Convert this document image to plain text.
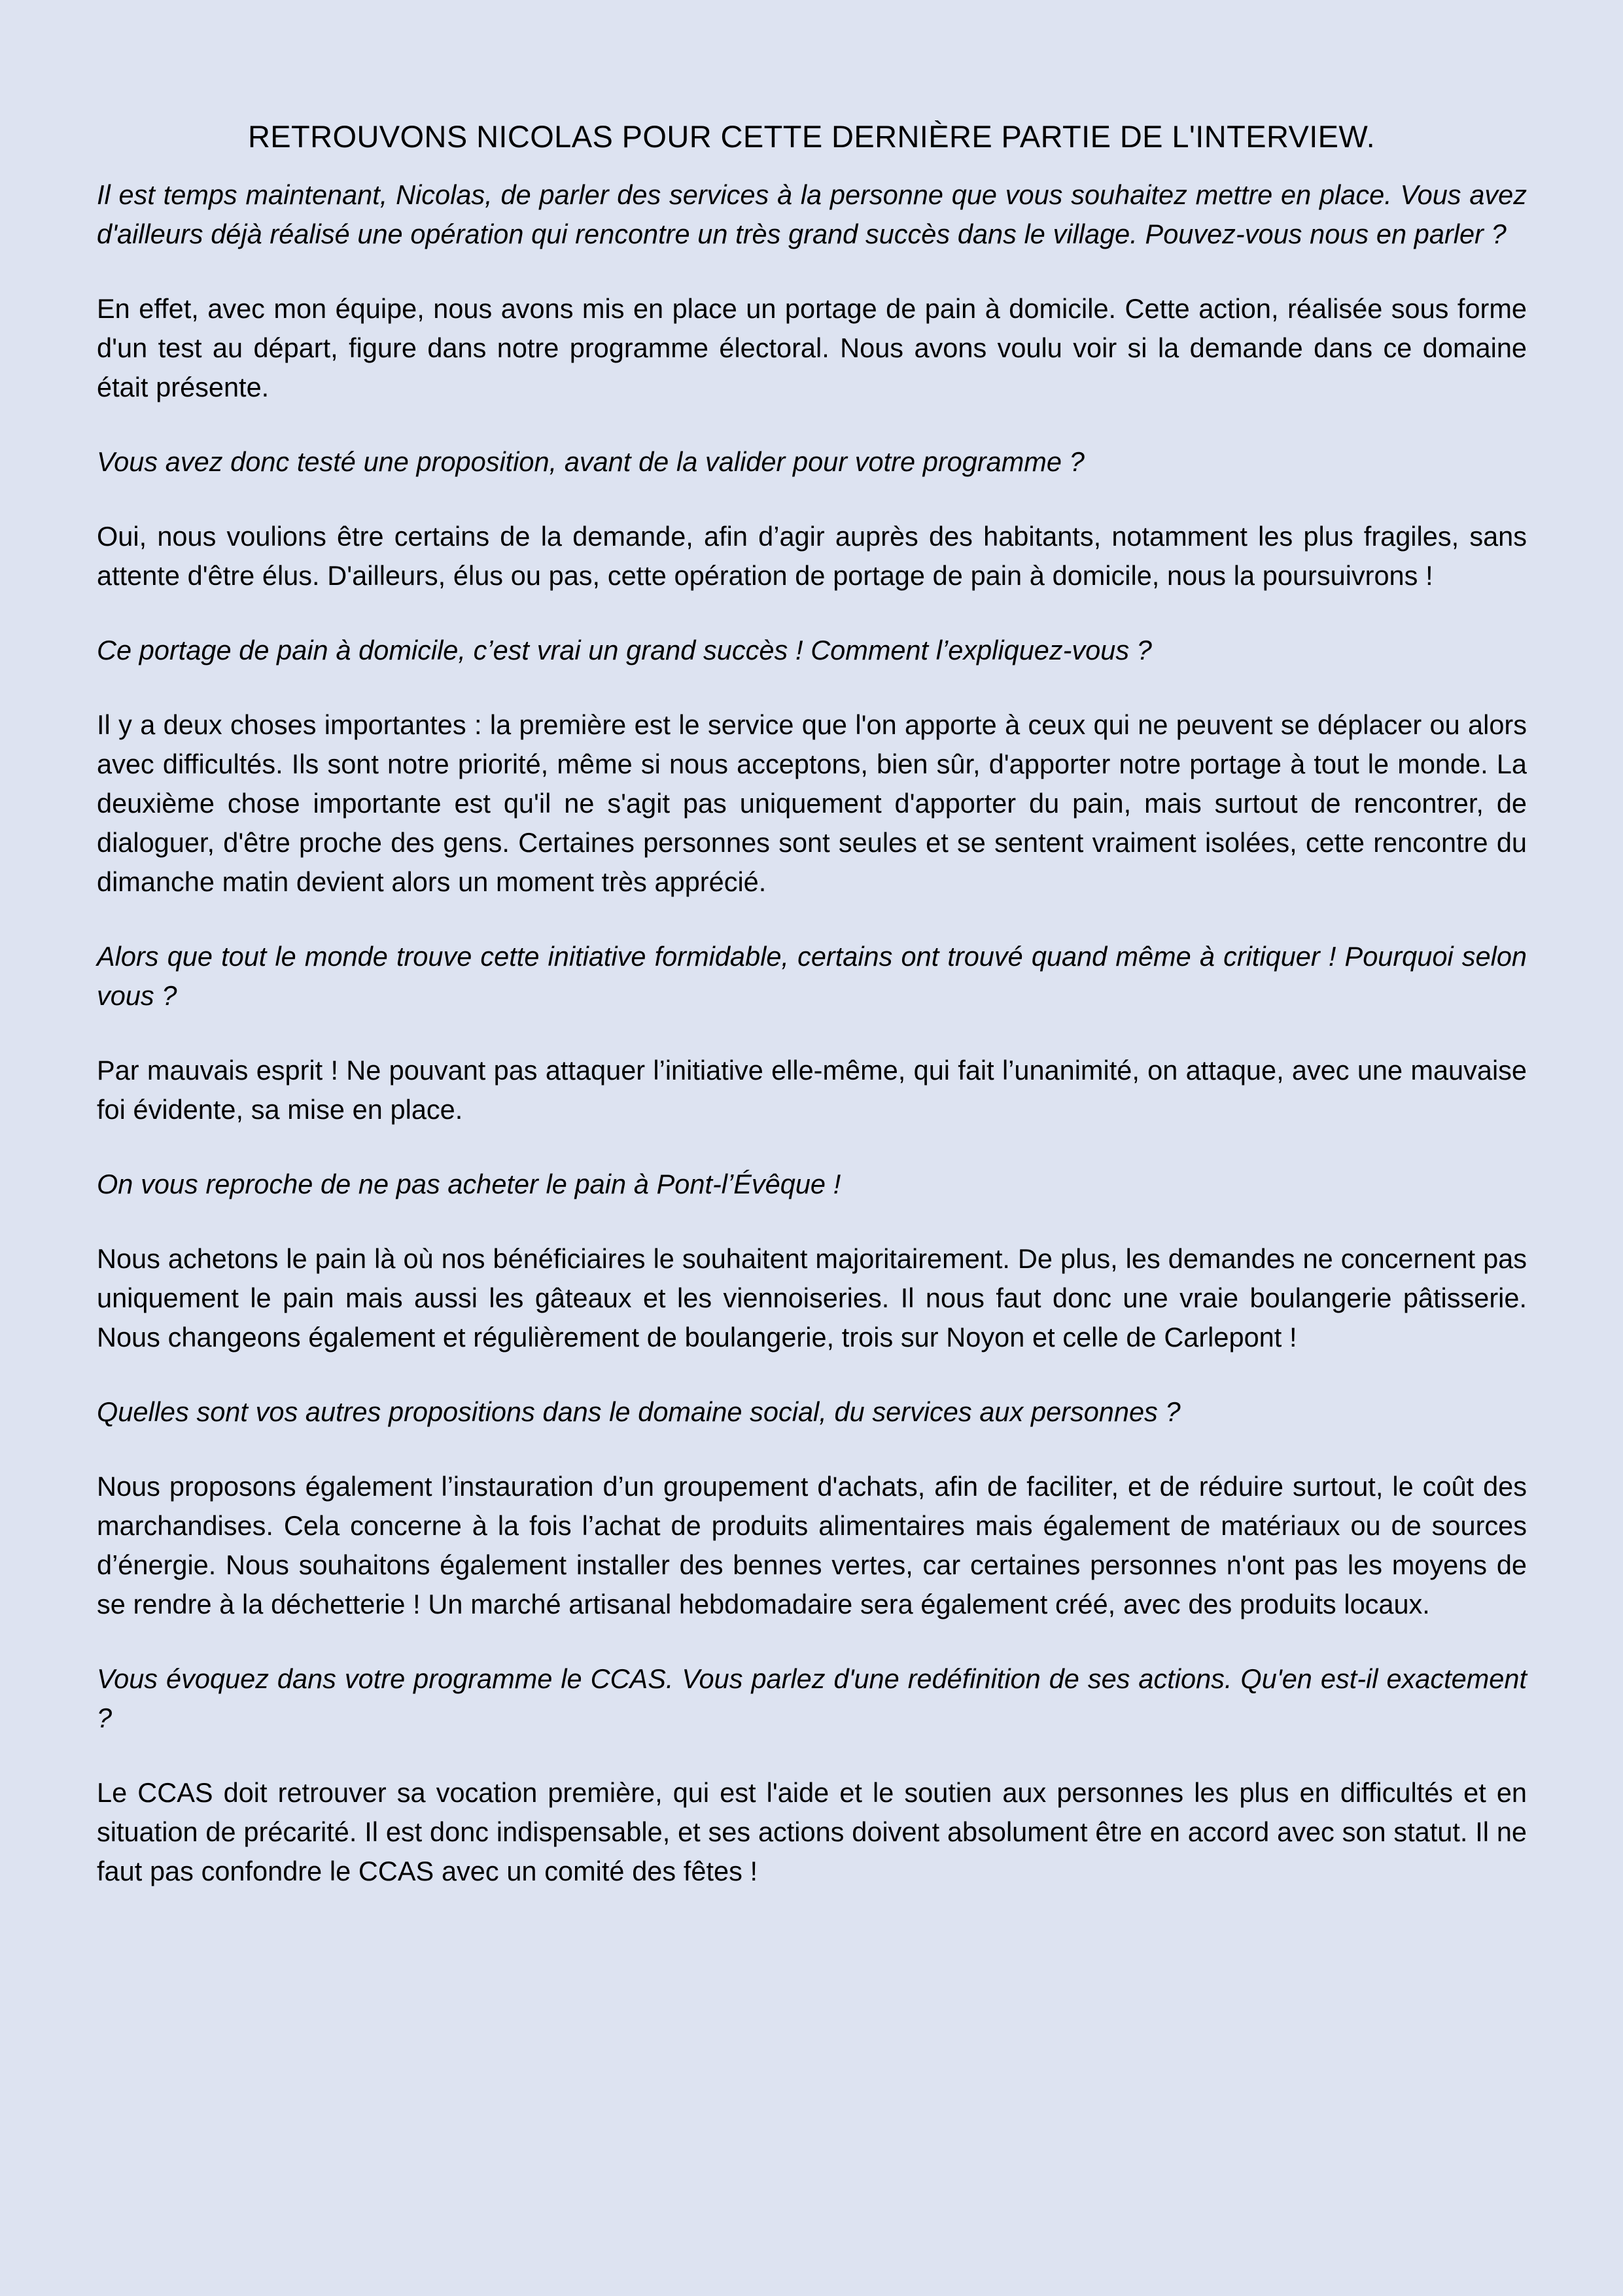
RETROUVONS NICOLAS POUR CETTE DERNIÈRE PARTIE DE L'INTERVIEW.

Il est temps maintenant, Nicolas, de parler des services à la personne que vous souhaitez mettre en place. Vous avez d'ailleurs déjà réalisé une opération qui rencontre un très grand succès dans le village. Pouvez-vous nous en parler ?

En effet, avec mon équipe, nous avons mis en place un portage de pain à domicile. Cette action, réalisée sous forme d'un test au départ, figure dans notre programme électoral. Nous avons voulu voir si la demande dans ce domaine était présente.

Vous avez donc testé une proposition, avant de la valider pour votre programme ?

Oui, nous voulions être certains de la demande, afin d’agir auprès des habitants, notamment les plus fragiles, sans attente d'être élus. D'ailleurs, élus ou pas, cette opération de portage de pain à domicile, nous la poursuivrons !

Ce portage de pain à domicile, c’est vrai un grand succès ! Comment l’expliquez-vous ?

Il y a deux choses importantes : la première est le service que l'on apporte à ceux qui ne peuvent se déplacer ou alors avec difficultés. Ils sont notre priorité, même si nous acceptons, bien sûr, d'apporter notre portage à tout le monde. La deuxième chose importante est qu'il ne s'agit pas uniquement d'apporter du pain, mais surtout de rencontrer, de dialoguer, d'être proche des gens. Certaines personnes sont seules et se sentent vraiment isolées, cette rencontre du dimanche matin devient alors un moment très apprécié.

Alors que tout le monde trouve cette initiative formidable, certains ont trouvé quand même à critiquer ! Pourquoi selon vous ?

Par mauvais esprit ! Ne pouvant pas attaquer l’initiative elle-même, qui fait l’unanimité, on attaque, avec une mauvaise foi évidente, sa mise en place.

On vous reproche de ne pas acheter le pain à Pont-l’Évêque !

Nous achetons le pain là où nos bénéficiaires le souhaitent majoritairement. De plus, les demandes ne concernent pas uniquement le pain mais aussi les gâteaux et les viennoiseries. Il nous faut donc une vraie boulangerie pâtisserie. Nous changeons également et régulièrement de boulangerie, trois sur Noyon et celle de Carlepont !

Quelles sont vos autres propositions dans le domaine social, du services aux personnes ?

Nous proposons également l’instauration d’un groupement d'achats, afin de faciliter, et de réduire surtout, le coût des marchandises. Cela concerne à la fois l’achat de produits alimentaires mais également de matériaux ou de sources d’énergie. Nous souhaitons également installer des bennes vertes, car certaines personnes n'ont pas les moyens de se rendre à la déchetterie ! Un marché artisanal hebdomadaire sera également créé, avec des produits locaux.

Vous évoquez dans votre programme le CCAS. Vous parlez d'une redéfinition de ses actions. Qu'en est-il exactement ?

Le CCAS doit retrouver sa vocation première, qui est l'aide et le soutien aux personnes les plus en difficultés et en situation de précarité. Il est donc indispensable, et ses actions doivent absolument être en accord avec son statut. Il ne faut pas confondre le CCAS avec un comité des fêtes !
